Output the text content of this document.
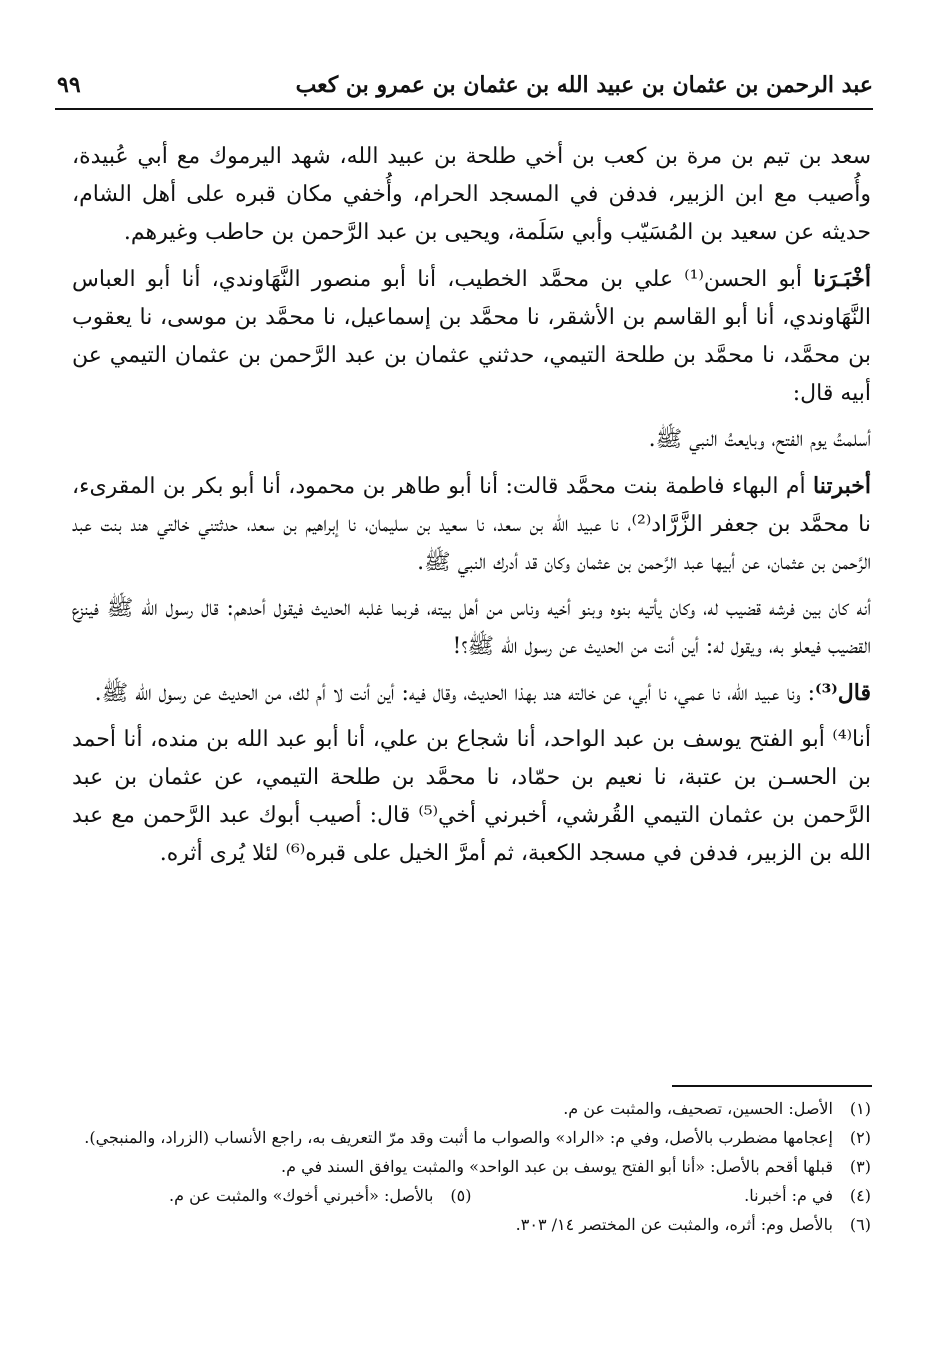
عبد الرحمن بن عثمان بن عبيد الله بن عثمان بن عمرو بن كعب
٩٩

سعد بن تيم بن مرة بن كعب بن أخي طلحة بن عبيد الله، شهد اليرموك مع أبي عُبيدة، وأُصيب مع ابن الزبير، فدفن في المسجد الحرام، وأُخفي مكان قبره على أهل الشام، حديثه عن سعيد بن المُسَيّب وأبي سَلَمة، ويحيى بن عبد الرَّحمن بن حاطب وغيرهم.

أخْبَـرَنا أبو الحسن⁽¹⁾ علي بن محمَّد الخطيب، أنا أبو منصور النَّهَاوندي، أنا أبو العباس النَّهَاوندي، أنا أبو القاسم بن الأشقر، نا محمَّد بن إسماعيل، نا محمَّد بن موسى، نا يعقوب بن محمَّد، نا محمَّد بن طلحة التيمي، حدثني عثمان بن عبد الرَّحمن بن عثمان التيمي عن أبيه قال:

أسلمتُ يوم الفتح، وبايعتُ النبي ﷺ.

أخبرتنا أم البهاء فاطمة بنت محمَّد قالت: أنا أبو طاهر بن محمود، أنا أبو بكر بن المقرىء، نا محمَّد بن جعفر الزَّرَّاد⁽²⁾، نا عبيد الله بن سعد، نا سعيد بن سليمان، نا إبراهيم بن سعد، حدثتني خالتي هند بنت عبد الرَّحمن بن عثمان، عن أبيها عبد الرَّحمن بن عثمان وكان قد أدرك النبي ﷺ.

أنه كان بين فرشه قضيب له، وكان يأتيه بنوه وبنو أخيه وناس من أهل بيته، فربما غلبه الحديث فيقول أحدهم: قال رسول الله ﷺ فينزع القضيب فيعلو به، ويقول له: أين أنت من الحديث عن رسول الله ﷺ؟!

قال⁽³⁾: ونا عبيد الله، نا عمي، نا أبي، عن خالته هند بهذا الحديث، وقال فيه: أين أنت لا أم لك، من الحديث عن رسول الله ﷺ.

أنا⁽⁴⁾ أبو الفتح يوسف بن عبد الواحد، أنا شجاع بن علي، أنا أبو عبد الله بن منده، أنا أحمد بن الحسـن بن عتبة، نا نعيم بن حمّاد، نا محمَّد بن طلحة التيمي، عن عثمان بن عبد الرَّحمن بن عثمان التيمي القُرشي، أخبرني أخي⁽⁵⁾ قال: أصيب أبوك عبد الرَّحمن مع عبد الله بن الزبير، فدفن في مسجد الكعبة، ثم أمرَّ الخيل على قبره⁽⁶⁾ لئلا يُرى أثره.

(١)
الأصل: الحسين، تصحيف، والمثبت عن م.
(٢)
إعجامها مضطرب بالأصل، وفي م: «الراد» والصواب ما أثبت وقد مرّ التعريف به، راجع الأنساب (الزراد، والمنبجي).
(٣)
قبلها أقحم بالأصل: «أنا أبو الفتح يوسف بن عبد الواحد» والمثبت يوافق السند في م.
(٤)
في م: أخبرنا.
(٥)
بالأصل: «أخبرني أخوك» والمثبت عن م.
(٦)
بالأصل وم: أثره، والمثبت عن المختصر ١٤/ ٣٠٣.
